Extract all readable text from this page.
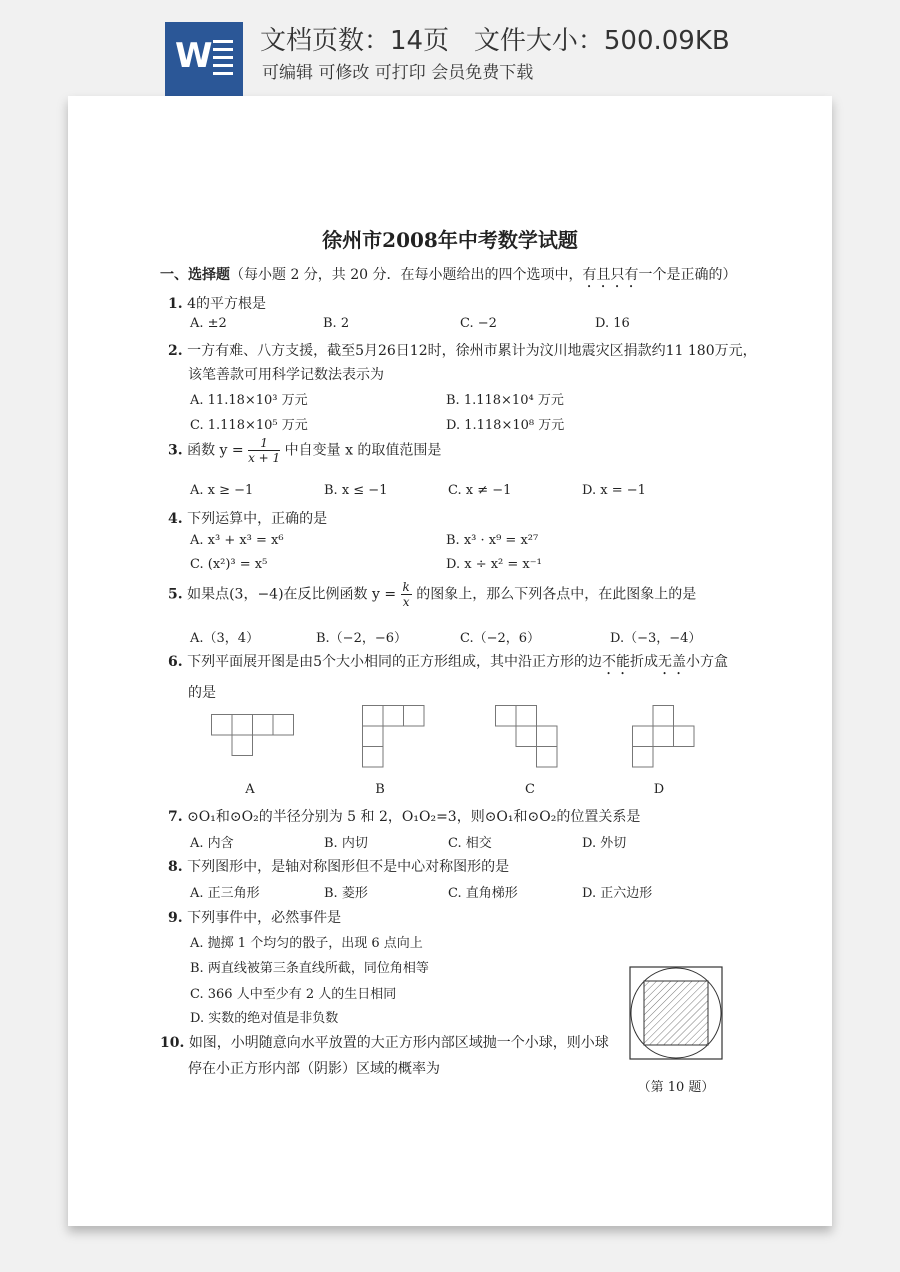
W 文档页数：14页   文件大小：500.09KB
可编辑 可修改 可打印 会员免费下载
徐州市2008年中考数学试题
一、选择题（每小题 2 分，共 20 分．在每小题给出的四个选项中，有且只有一个是正确的）
1. 4的平方根是
A. ±2	B. 2	C. −2	D. 16
2. 一方有难、八方支援，截至5月26日12时，徐州市累计为汶川地震灾区捐款约11 180万元，
该笔善款可用科学记数法表示为
A. 11.18×10³ 万元	B. 1.118×10⁴ 万元
C. 1.118×10⁵ 万元	D. 1.118×10⁸ 万元
3. 函数 $y = \frac{1}{x + 1}$ 中自变量 x 的取值范围是
A. x ≥ −1	B. x ≤ −1	C. x ≠ −1	D. x = −1
4. 下列运算中，正确的是
A. x³ + x³ = x⁶	B. x³ · x⁹ = x²⁷
C. (x²)³ = x⁵	D. x ÷ x² = x⁻¹
5. 如果点(3，−4)在反比例函数 $y = \frac{k}{x}$ 的图象上，那么下列各点中，在此图象上的是
A.（3，4）	B.（−2，−6）	C.（−2，6）	D.（−3，−4）
6. 下列平面展开图是由5个大小相同的正方形组成，其中沿正方形的边不能折成无盖小方盒
的是
A	B	C	D
7. ⊙O₁和⊙O₂的半径分别为 5 和 2，O₁O₂=3，则⊙O₁和⊙O₂的位置关系是
A. 内含	B. 内切	C. 相交	D. 外切
8. 下列图形中，是轴对称图形但不是中心对称图形的是
A. 正三角形	B. 菱形	C. 直角梯形	D. 正六边形
9. 下列事件中，必然事件是
A. 抛掷 1 个均匀的骰子，出现 6 点向上
B. 两直线被第三条直线所截，同位角相等
C. 366 人中至少有 2 人的生日相同
D. 实数的绝对值是非负数
10. 如图，小明随意向水平放置的大正方形内部区域抛一个小球，则小球
停在小正方形内部（阴影）区域的概率为
（第 10 题）
